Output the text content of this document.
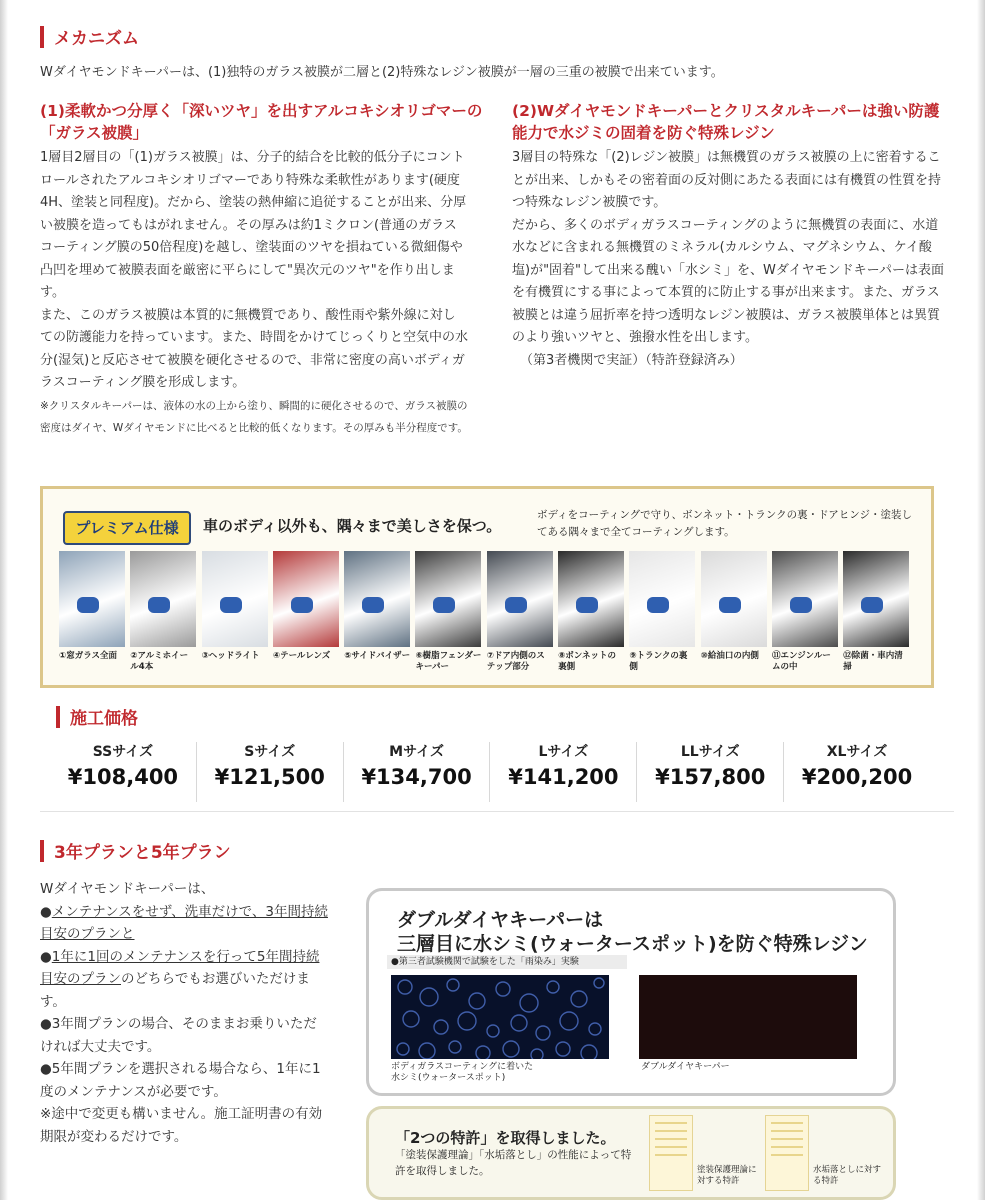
メカニズム

Wダイヤモンドキーパーは、(1)独特のガラス被膜が二層と(2)特殊なレジン被膜が一層の三重の被膜で出来ています。

(1)柔軟かつ分厚く「深いツヤ」を出すアルコキシオリゴマーの「ガラス被膜」

1層目2層目の「(1)ガラス被膜」は、分子的結合を比較的低分子にコントロールされたアルコキシオリゴマーであり特殊な柔軟性があります(硬度4H、塗装と同程度)。だから、塗装の熱伸縮に追従することが出来、分厚い被膜を造ってもはがれません。その厚みは約1ミクロン(普通のガラスコーティング膜の50倍程度)を越し、塗装面のツヤを損ねている微細傷や凸凹を埋めて被膜表面を厳密に平らにして"異次元のツヤ"を作り出します。

また、このガラス被膜は本質的に無機質であり、酸性雨や紫外線に対しての防護能力を持っています。また、時間をかけてじっくりと空気中の水分(湿気)と反応させて被膜を硬化させるので、非常に密度の高いボディガラスコーティング膜を形成します。

※クリスタルキーパーは、液体の水の上から塗り、瞬間的に硬化させるので、ガラス被膜の密度はダイヤ、Wダイヤモンドに比べると比較的低くなります。その厚みも半分程度です。

(2)Wダイヤモンドキーパーとクリスタルキーパーは強い防護能力で水ジミの固着を防ぐ特殊レジン

3層目の特殊な「(2)レジン被膜」は無機質のガラス被膜の上に密着することが出来、しかもその密着面の反対側にあたる表面には有機質の性質を持つ特殊なレジン被膜です。

だから、多くのボディガラスコーティングのように無機質の表面に、水道水などに含まれる無機質のミネラル(カルシウム、マグネシウム、ケイ酸塩)が"固着"して出来る醜い「水シミ」を、Wダイヤモンドキーパーは表面を有機質にする事によって本質的に防止する事が出来ます。また、ガラス被膜とは違う屈折率を持つ透明なレジン被膜は、ガラス被膜単体とは異質のより強いツヤと、強撥水性を出します。

（第3者機関で実証）（特許登録済み）

プレミアム仕様	車のボディ以外も、隅々まで美しさを保つ。
ボディをコーティングで守り、ボンネット・トランクの裏・ドアヒンジ・塗装してある隅々まで全てコーティングします。
①窓ガラス全面	②アルミホイール4本
③ヘッドライト	④テールレンズ	⑤サイドバイザー ⑥樹脂フェンダーキーパー
⑦ドア内側のステップ部分
⑧ボンネットの裏側
⑨トランクの裏側
⑩給油口の内側	⑪エンジンルームの中
⑫除菌・車内清掃
施工価格
SSサイズ
¥108,400
Sサイズ
¥121,500
Mサイズ
¥134,700
Lサイズ
¥141,200
LLサイズ
¥157,800
XLサイズ
¥200,200
3年プランと5年プラン

Wダイヤモンドキーパーは、

●メンテナンスをせず、洗車だけで、3年間持続目安のプランと

●1年に1回のメンテナンスを行って5年間持続目安のプランのどちらでもお選びいただけます。

●3年間プランの場合、そのままお乗りいただければ大丈夫です。

●5年間プランを選択される場合なら、1年に1度のメンテナンスが必要です。

※途中で変更も構いません。施工証明書の有効期限が変わるだけです。

ダブルダイヤキーパーは
三層目に水シミ(ウォータースポット)を防ぐ特殊レジン
●第三者試験機関で試験をした「雨染み」実験
ボディガラスコーティングに着いた水シミ(ウォータースポット)
ダブルダイヤキーパー
「2つの特許」を取得しました。
「塗装保護理論」「水垢落とし」の性能によって特許を取得しました。	塗装保護理論に対する特許
水垢落としに対する特許
